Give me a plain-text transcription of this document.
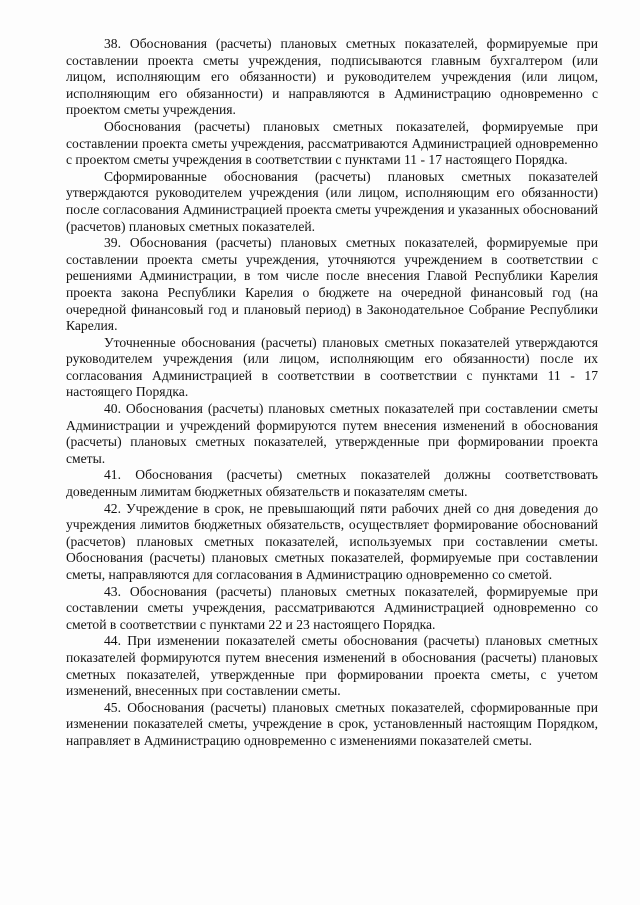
38. Обоснования (расчеты) плановых сметных показателей, формируемые при составлении проекта сметы учреждения, подписываются главным бухгалтером (или лицом, исполняющим его обязанности) и руководителем учреждения (или лицом, исполняющим его обязанности) и направляются в Администрацию одновременно с проектом сметы учреждения.

Обоснования (расчеты) плановых сметных показателей, формируемые при составлении проекта сметы учреждения, рассматриваются Администрацией одновременно с проектом сметы учреждения в соответствии с пунктами 11 - 17 настоящего Порядка.

Сформированные обоснования (расчеты) плановых сметных показателей утверждаются руководителем учреждения (или лицом, исполняющим его обязанности) после согласования Администрацией проекта сметы учреждения и указанных обоснований (расчетов) плановых сметных показателей.

39. Обоснования (расчеты) плановых сметных показателей, формируемые при составлении проекта сметы учреждения, уточняются учреждением в соответствии с решениями Администрации, в том числе после внесения Главой Республики Карелия проекта закона Республики Карелия о бюджете на очередной финансовый год (на очередной финансовый год и плановый период) в Законодательное Собрание Республики Карелия.

Уточненные обоснования (расчеты) плановых сметных показателей утверждаются руководителем учреждения (или лицом, исполняющим его обязанности) после их согласования Администрацией в соответствии в соответствии с пунктами 11 - 17 настоящего Порядка.

40. Обоснования (расчеты) плановых сметных показателей при составлении сметы Администрации и учреждений формируются путем внесения изменений в обоснования (расчеты) плановых сметных показателей, утвержденные при формировании проекта сметы.

41. Обоснования (расчеты) сметных показателей должны соответствовать доведенным лимитам бюджетных обязательств и показателям сметы.

42. Учреждение в срок, не превышающий пяти рабочих дней со дня доведения до учреждения лимитов бюджетных обязательств, осуществляет формирование обоснований (расчетов) плановых сметных показателей, используемых при составлении сметы. Обоснования (расчеты) плановых сметных показателей, формируемые при составлении сметы, направляются для согласования в Администрацию одновременно со сметой.

43. Обоснования (расчеты) плановых сметных показателей, формируемые при составлении сметы учреждения, рассматриваются Администрацией одновременно со сметой в соответствии с пунктами 22 и 23 настоящего Порядка.

44. При изменении показателей сметы обоснования (расчеты) плановых сметных показателей формируются путем внесения изменений в обоснования (расчеты) плановых сметных показателей, утвержденные при формировании проекта сметы, с учетом изменений, внесенных при составлении сметы.

45. Обоснования (расчеты) плановых сметных показателей, сформированные при изменении показателей сметы, учреждение в срок, установленный настоящим Порядком, направляет в Администрацию одновременно с изменениями показателей сметы.
